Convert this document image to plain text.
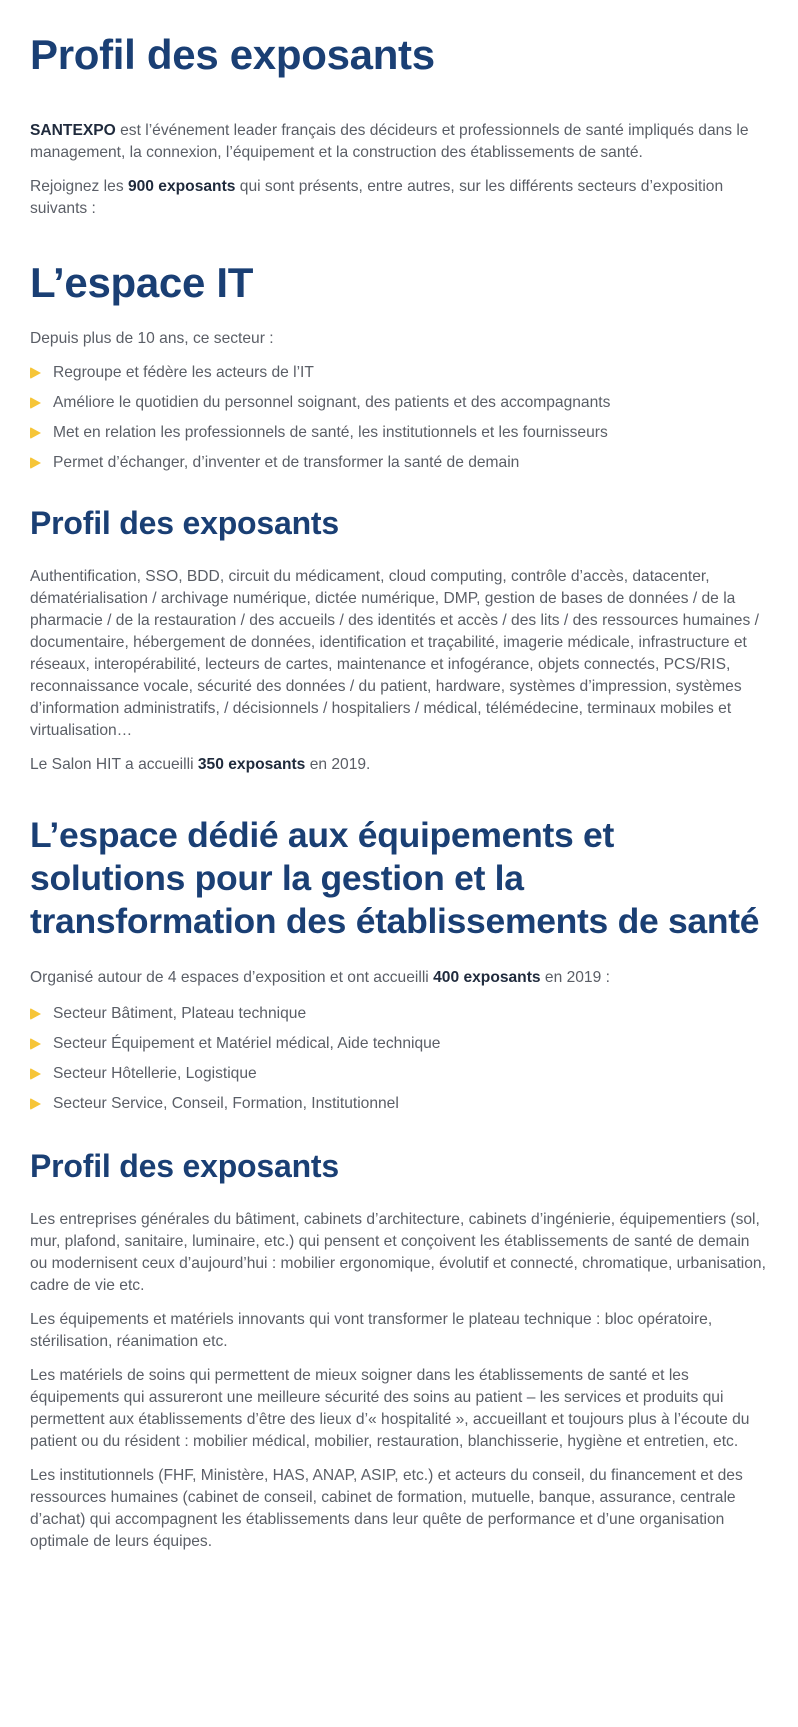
Profil des exposants

SANTEXPO est l’événement leader français des décideurs et professionnels de santé impliqués dans le management, la connexion, l’équipement et la construction des établissements de santé.

Rejoignez les 900 exposants qui sont présents, entre autres, sur les différents secteurs d’exposition suivants :

L’espace IT

Depuis plus de 10 ans, ce secteur :

Regroupe et fédère les acteurs de l’IT
Améliore le quotidien du personnel soignant, des patients et des accompagnants
Met en relation les professionnels de santé, les institutionnels et les fournisseurs
Permet d’échanger, d’inventer et de transformer la santé de demain
Profil des exposants

Authentification, SSO, BDD, circuit du médicament, cloud computing, contrôle d’accès, datacenter, dématérialisation / archivage numérique, dictée numérique, DMP, gestion de bases de données / de la pharmacie / de la restauration / des accueils / des identités et accès / des lits / des ressources humaines / documentaire, hébergement de données, identification et traçabilité, imagerie médicale, infrastructure et réseaux, interopérabilité, lecteurs de cartes, maintenance et infogérance, objets connectés, PCS/RIS, reconnaissance vocale, sécurité des données / du patient, hardware, systèmes d’impression, systèmes d’information administratifs, / décisionnels / hospitaliers / médical, télémédecine, terminaux mobiles et virtualisation…

Le Salon HIT a accueilli 350 exposants en 2019.

L’espace dédié aux équipements et solutions pour la gestion et la transformation des établissements de santé

Organisé autour de 4 espaces d’exposition et ont accueilli 400 exposants en 2019 :

Secteur Bâtiment, Plateau technique
Secteur Équipement et Matériel médical, Aide technique
Secteur Hôtellerie, Logistique
Secteur Service, Conseil, Formation, Institutionnel
Profil des exposants

Les entreprises générales du bâtiment, cabinets d’architecture, cabinets d’ingénierie, équipementiers (sol, mur, plafond, sanitaire, luminaire, etc.) qui pensent et conçoivent les établissements de santé de demain ou modernisent ceux d’aujourd’hui : mobilier ergonomique, évolutif et connecté, chromatique, urbanisation, cadre de vie etc.

Les équipements et matériels innovants qui vont transformer le plateau technique : bloc opératoire, stérilisation, réanimation etc.

Les matériels de soins qui permettent de mieux soigner dans les établissements de santé et les équipements qui assureront une meilleure sécurité des soins au patient – les services et produits qui permettent aux établissements d’être des lieux d’« hospitalité », accueillant et toujours plus à l’écoute du patient ou du résident : mobilier médical, mobilier, restauration, blanchisserie, hygiène et entretien, etc.

Les institutionnels (FHF, Ministère, HAS, ANAP, ASIP, etc.) et acteurs du conseil, du financement et des ressources humaines (cabinet de conseil, cabinet de formation, mutuelle, banque, assurance, centrale d’achat) qui accompagnent les établissements dans leur quête de performance et d’une organisation optimale de leurs équipes.
